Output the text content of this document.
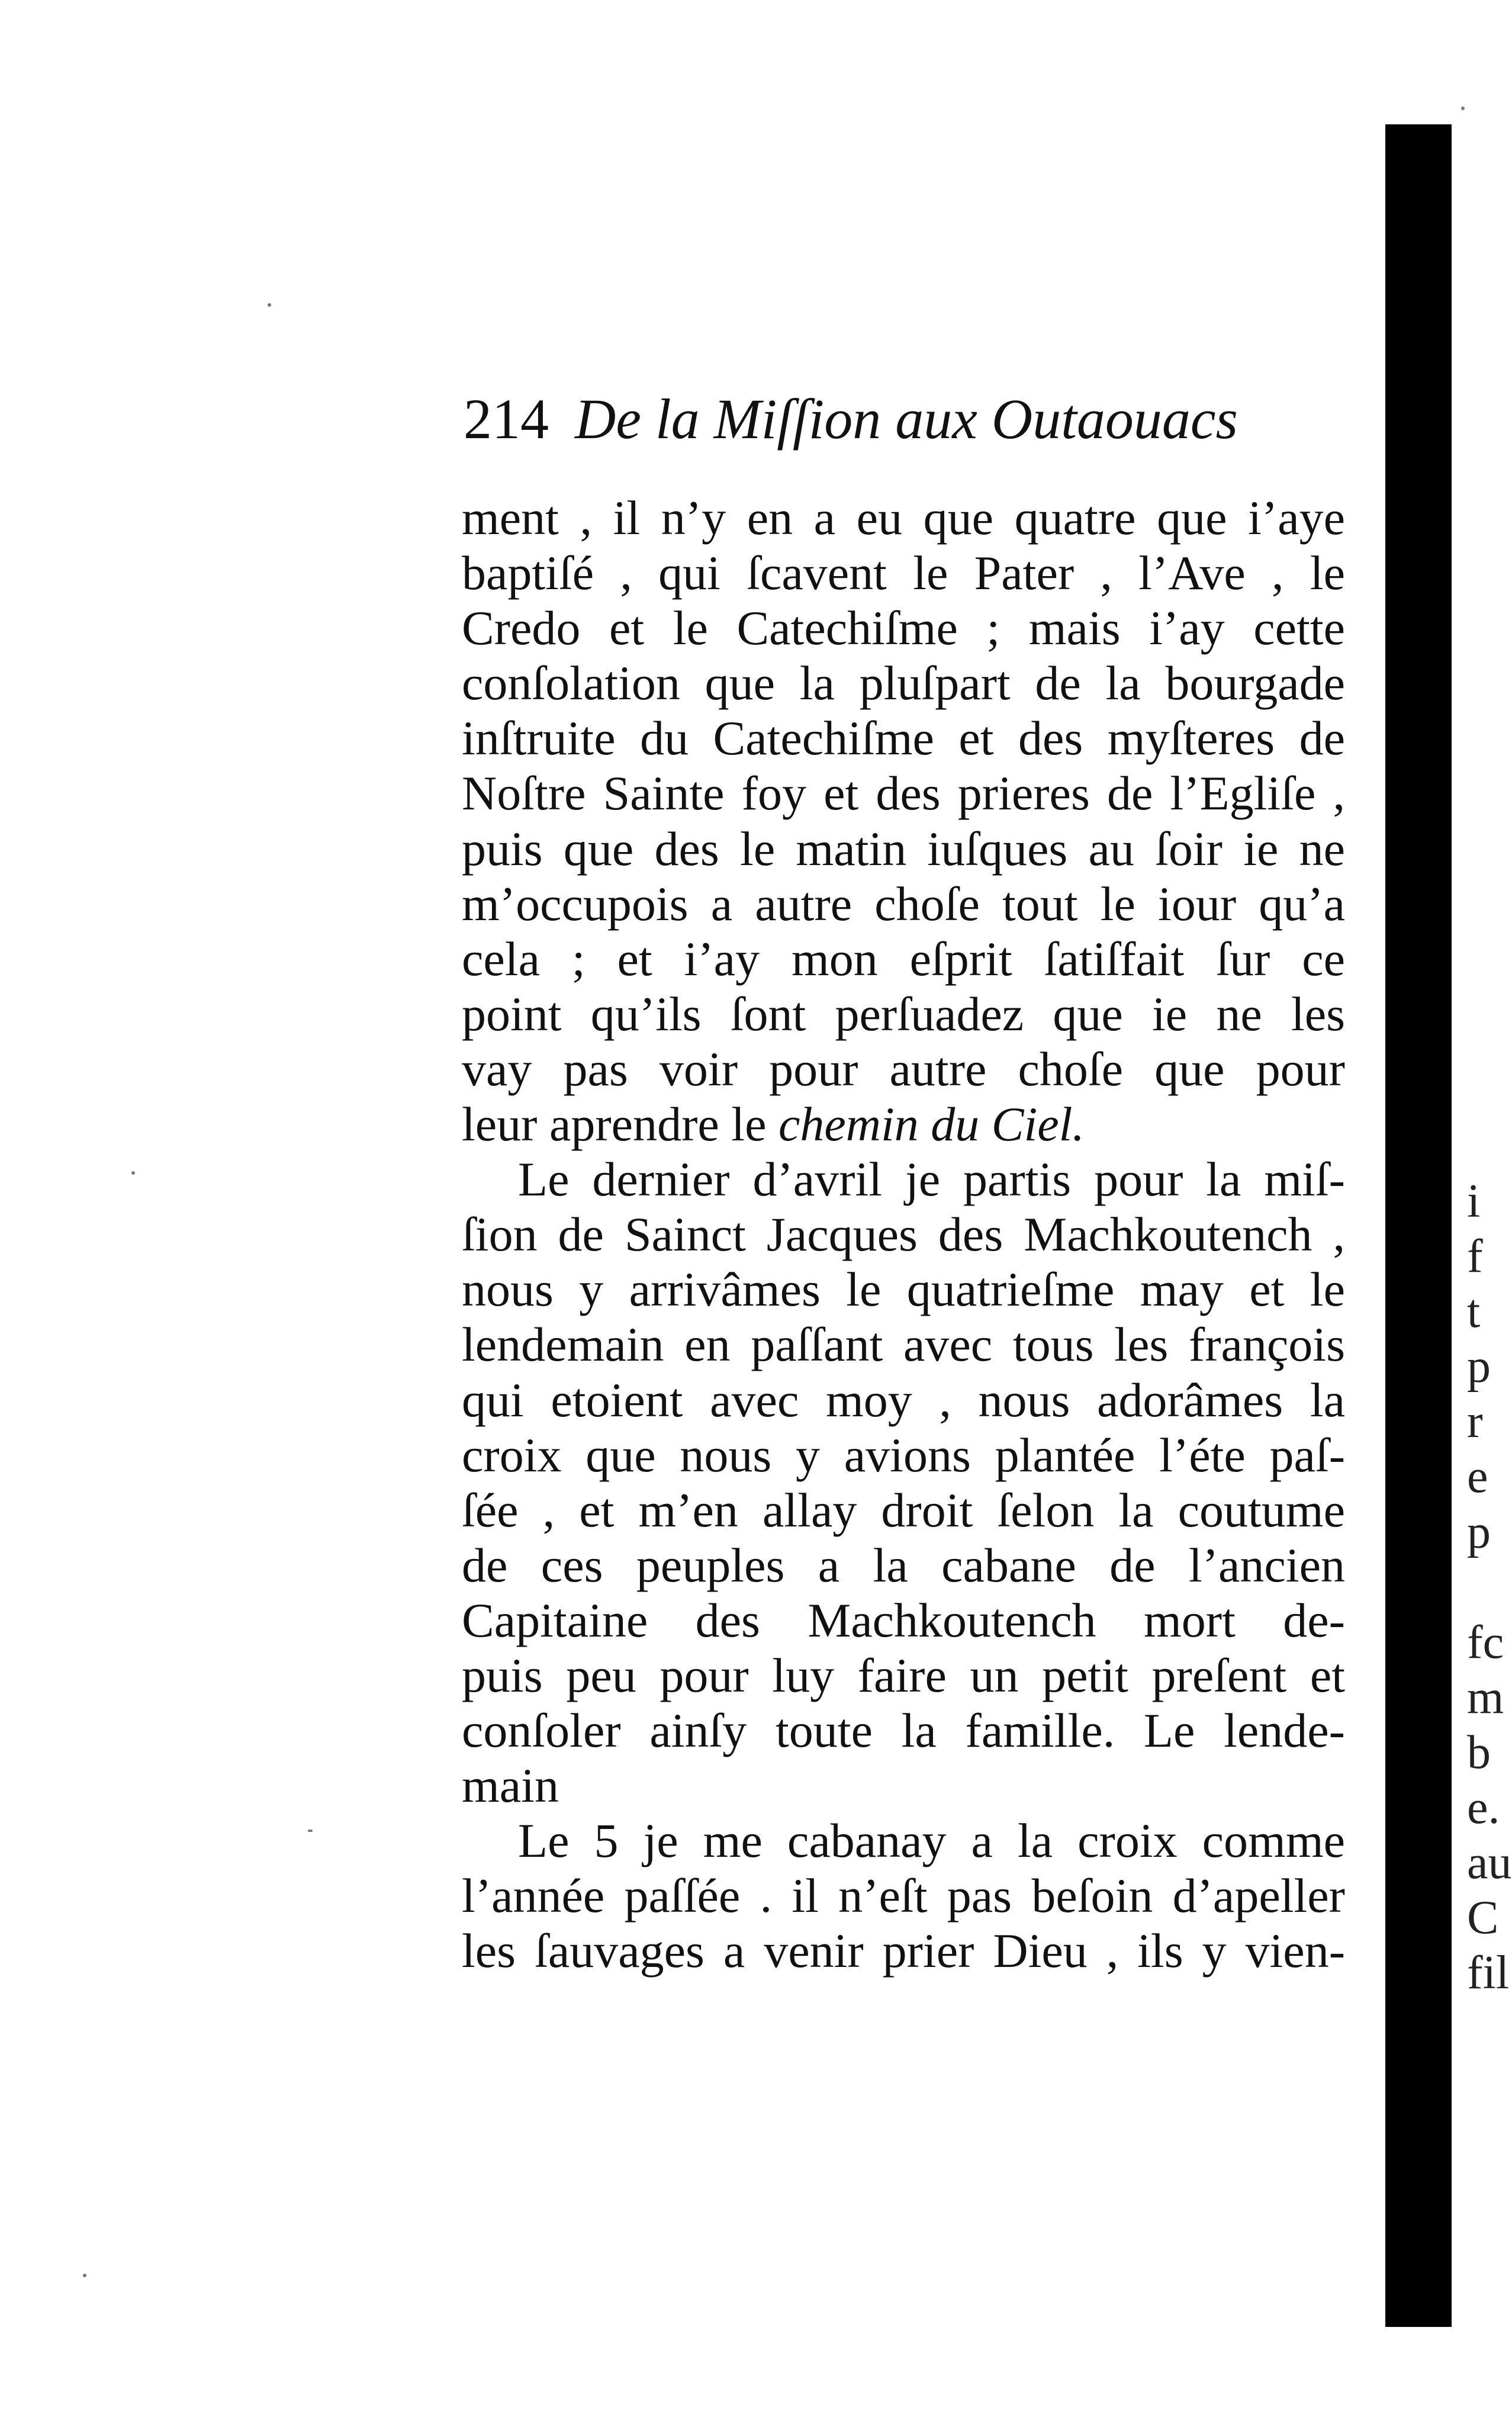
214 De la Miſſion aux Outaouacs
ment , il n’y en a eu que quatre que i’aye
baptiſé , qui ſcavent le Pater , l’Ave , le
Credo et le Catechiſme ; mais i’ay cette
conſolation que la pluſpart de la bourgade
inſtruite du Catechiſme et des myſteres de
Noſtre Sainte foy et des prieres de l’Egliſe ,
puis que des le matin iuſques au ſoir ie ne
m’occupois a autre choſe tout le iour qu’a
cela ; et i’ay mon eſprit ſatiſfait ſur ce
point qu’ils ſont perſuadez que ie ne les
vay pas voir pour autre choſe que pour
leur aprendre le chemin du Ciel.
Le dernier d’avril je partis pour la miſ-
ſion de Sainct Jacques des Machkoutench ,
nous y arrivâmes le quatrieſme may et le
lendemain en paſſant avec tous les françois
qui etoient avec moy , nous adorâmes la
croix que nous y avions plantée l’éte paſ-
ſée , et m’en allay droit ſelon la coutume
de ces peuples a la cabane de l’ancien
Capitaine des Machkoutench mort de-
puis peu pour luy faire un petit preſent et
conſoler ainſy toute la famille. Le lende-
main
Le 5 je me cabanay a la croix comme
l’année paſſée . il n’eſt pas beſoin d’apeller
les ſauvages a venir prier Dieu , ils y vien-
i
f
t
p
r
e
p
fc
m
b
e.
au
C
fil
